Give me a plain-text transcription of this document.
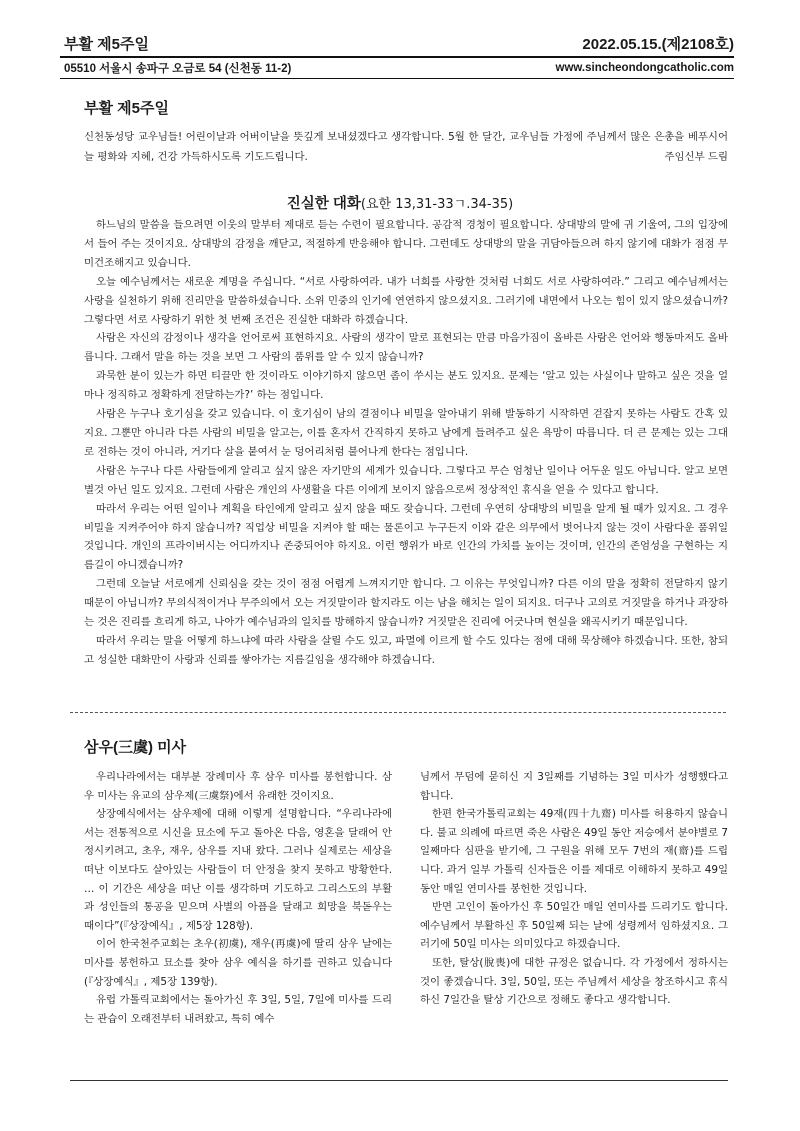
부활 제5주일	2022.05.15.(제2108호)
05510 서울시 송파구 오금로 54 (신천동 11-2)	www.sincheondongcatholic.com
부활 제5주일
신천동성당 교우님들! 어린이날과 어버이날을 뜻깊게 보내셨겠다고 생각합니다. 5월 한 달간, 교우님들 가정에 주님께서 많은 은총을 베푸시어 늘 평화와 지혜, 건강 가득하시도록 기도드립니다.	주임신부 드림
진실한 대화(요한 13,31-33ㄱ.34-35)

하느님의 말씀을 들으려면 이웃의 말부터 제대로 듣는 수련이 필요합니다. 공감적 경청이 필요합니다. 상대방의 말에 귀 기울여, 그의 입장에서 들어 주는 것이지요. 상대방의 감정을 깨닫고, 적절하게 반응해야 합니다. 그런데도 상대방의 말을 귀담아들으려 하지 않기에 대화가 점점 무미건조해지고 있습니다.

오늘 예수님께서는 새로운 계명을 주십니다. “서로 사랑하여라. 내가 너희를 사랑한 것처럼 너희도 서로 사랑하여라.” 그리고 예수님께서는 사랑을 실천하기 위해 진리만을 말씀하셨습니다. 소위 민중의 인기에 연연하지 않으셨지요. 그러기에 내면에서 나오는 힘이 있지 않으셨습니까? 그렇다면 서로 사랑하기 위한 첫 번째 조건은 진실한 대화라 하겠습니다.

사람은 자신의 감정이나 생각을 언어로써 표현하지요. 사람의 생각이 말로 표현되는 만큼 마음가짐이 올바른 사람은 언어와 행동마저도 올바릅니다. 그래서 말을 하는 것을 보면 그 사람의 품위를 알 수 있지 않습니까?

과묵한 분이 있는가 하면 티끌만 한 것이라도 이야기하지 않으면 좀이 쑤시는 분도 있지요. 문제는 ‘알고 있는 사실이나 말하고 싶은 것을 얼마나 정직하고 정확하게 전달하는가?’ 하는 점입니다.

사람은 누구나 호기심을 갖고 있습니다. 이 호기심이 남의 결점이나 비밀을 알아내기 위해 발동하기 시작하면 걷잡지 못하는 사람도 간혹 있지요. 그뿐만 아니라 다른 사람의 비밀을 알고는, 이를 혼자서 간직하지 못하고 남에게 들려주고 싶은 욕망이 따릅니다. 더 큰 문제는 있는 그대로 전하는 것이 아니라, 거기다 살을 붙여서 눈 덩어리처럼 불어나게 한다는 점입니다.

사람은 누구나 다른 사람들에게 알리고 싶지 않은 자기만의 세계가 있습니다. 그렇다고 무슨 엄청난 일이나 어두운 일도 아닙니다. 알고 보면 별것 아닌 일도 있지요. 그런데 사람은 개인의 사생활을 다른 이에게 보이지 않음으로써 정상적인 휴식을 얻을 수 있다고 합니다.

따라서 우리는 어떤 일이나 계획을 타인에게 알리고 싶지 않을 때도 잦습니다. 그런데 우연히 상대방의 비밀을 알게 될 때가 있지요. 그 경우 비밀을 지켜주어야 하지 않습니까? 직업상 비밀을 지켜야 할 때는 물론이고 누구든지 이와 같은 의무에서 벗어나지 않는 것이 사람다운 품위일 것입니다. 개인의 프라이버시는 어디까지나 존중되어야 하지요. 이런 행위가 바로 인간의 가치를 높이는 것이며, 인간의 존엄성을 구현하는 지름길이 아니겠습니까?

그런데 오늘날 서로에게 신뢰심을 갖는 것이 점점 어렵게 느껴지기만 합니다. 그 이유는 무엇입니까? 다른 이의 말을 정확히 전달하지 않기 때문이 아닙니까? 무의식적이거나 무주의에서 오는 거짓말이라 할지라도 이는 남을 해치는 일이 되지요. 더구나 고의로 거짓말을 하거나 과장하는 것은 진리를 흐리게 하고, 나아가 예수님과의 일치를 방해하지 않습니까? 거짓말은 진리에 어긋나며 현실을 왜곡시키기 때문입니다.

따라서 우리는 말을 어떻게 하느냐에 따라 사람을 살릴 수도 있고, 파멸에 이르게 할 수도 있다는 점에 대해 묵상해야 하겠습니다. 또한, 참되고 성실한 대화만이 사랑과 신뢰를 쌓아가는 지름길임을 생각해야 하겠습니다.

삼우(三虞) 미사

우리나라에서는 대부분 장례미사 후 삼우 미사를 봉헌합니다. 삼우 미사는 유교의 삼우제(三虞祭)에서 유래한 것이지요.

상장예식에서는 삼우제에 대해 이렇게 설명합니다. “우리나라에서는 전통적으로 시신을 묘소에 두고 돌아온 다음, 영혼을 달래어 안정시키려고, 초우, 재우, 삼우를 지내 왔다. 그러나 실제로는 세상을 떠난 이보다도 살아있는 사람들이 더 안정을 찾지 못하고 방황한다. … 이 기간은 세상을 떠난 이를 생각하며 기도하고 그리스도의 부활과 성인들의 통공을 믿으며 사별의 아픔을 달래고 희망을 북돋우는 때이다”(『상장예식』, 제5장 128항).

이어 한국천주교회는 초우(初虞), 재우(再虞)에 딸리 삼우 날에는 미사를 봉헌하고 묘소를 찾아 삼우 예식을 하기를 권하고 있습니다(『상장예식』, 제5장 139항).

유럽 가톨릭교회에서는 돌아가신 후 3일, 5일, 7일에 미사를 드리는 관습이 오래전부터 내려왔고, 특히 예수

님께서 무덤에 묻히신 지 3일째를 기념하는 3일 미사가 성행했다고 합니다.

한편 한국가톨릭교회는 49재(四十九齋) 미사를 허용하지 않습니다. 불교 의례에 따르면 죽은 사람은 49일 동안 저승에서 분야별로 7일째마다 심판을 받기에, 그 구원을 위해 모두 7번의 재(齋)를 드립니다. 과거 일부 가톨릭 신자들은 이를 제대로 이해하지 못하고 49일 동안 매일 연미사를 봉헌한 것입니다.

반면 고인이 돌아가신 후 50일간 매일 연미사를 드리기도 합니다. 예수님께서 부활하신 후 50일째 되는 날에 성령께서 임하셨지요. 그러기에 50일 미사는 의미있다고 하겠습니다.

또한, 탈상(脫喪)에 대한 규정은 없습니다. 각 가정에서 정하시는 것이 좋겠습니다. 3일, 50일, 또는 주님께서 세상을 창조하시고 휴식하신 7일간을 탈상 기간으로 정해도 좋다고 생각합니다.
